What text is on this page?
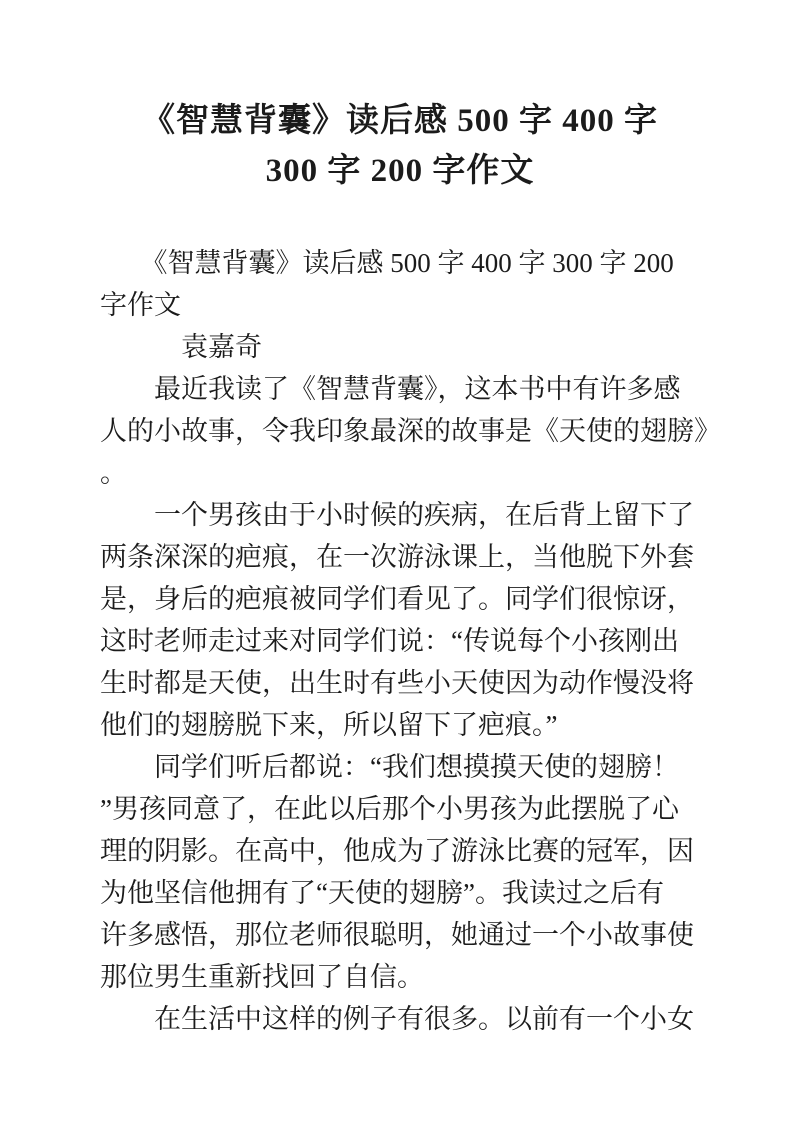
《智慧背囊》读后感 500 字 400 字
300 字 200 字作文
　　《智慧背囊》读后感 500 字 400 字 300 字 200
字作文
　　　袁嘉奇
　　最近我读了《智慧背囊》，这本书中有许多感
人的小故事，令我印象最深的故事是《天使的翅膀》
。
　　一个男孩由于小时候的疾病，在后背上留下了
两条深深的疤痕，在一次游泳课上，当他脱下外套
是，身后的疤痕被同学们看见了。同学们很惊讶，
这时老师走过来对同学们说：“传说每个小孩刚出
生时都是天使，出生时有些小天使因为动作慢没将
他们的翅膀脱下来，所以留下了疤痕。”
　　同学们听后都说：“我们想摸摸天使的翅膀！
”男孩同意了，在此以后那个小男孩为此摆脱了心
理的阴影。在高中，他成为了游泳比赛的冠军，因
为他坚信他拥有了“天使的翅膀”。我读过之后有
许多感悟，那位老师很聪明，她通过一个小故事使
那位男生重新找回了自信。
　　在生活中这样的例子有很多。以前有一个小女
